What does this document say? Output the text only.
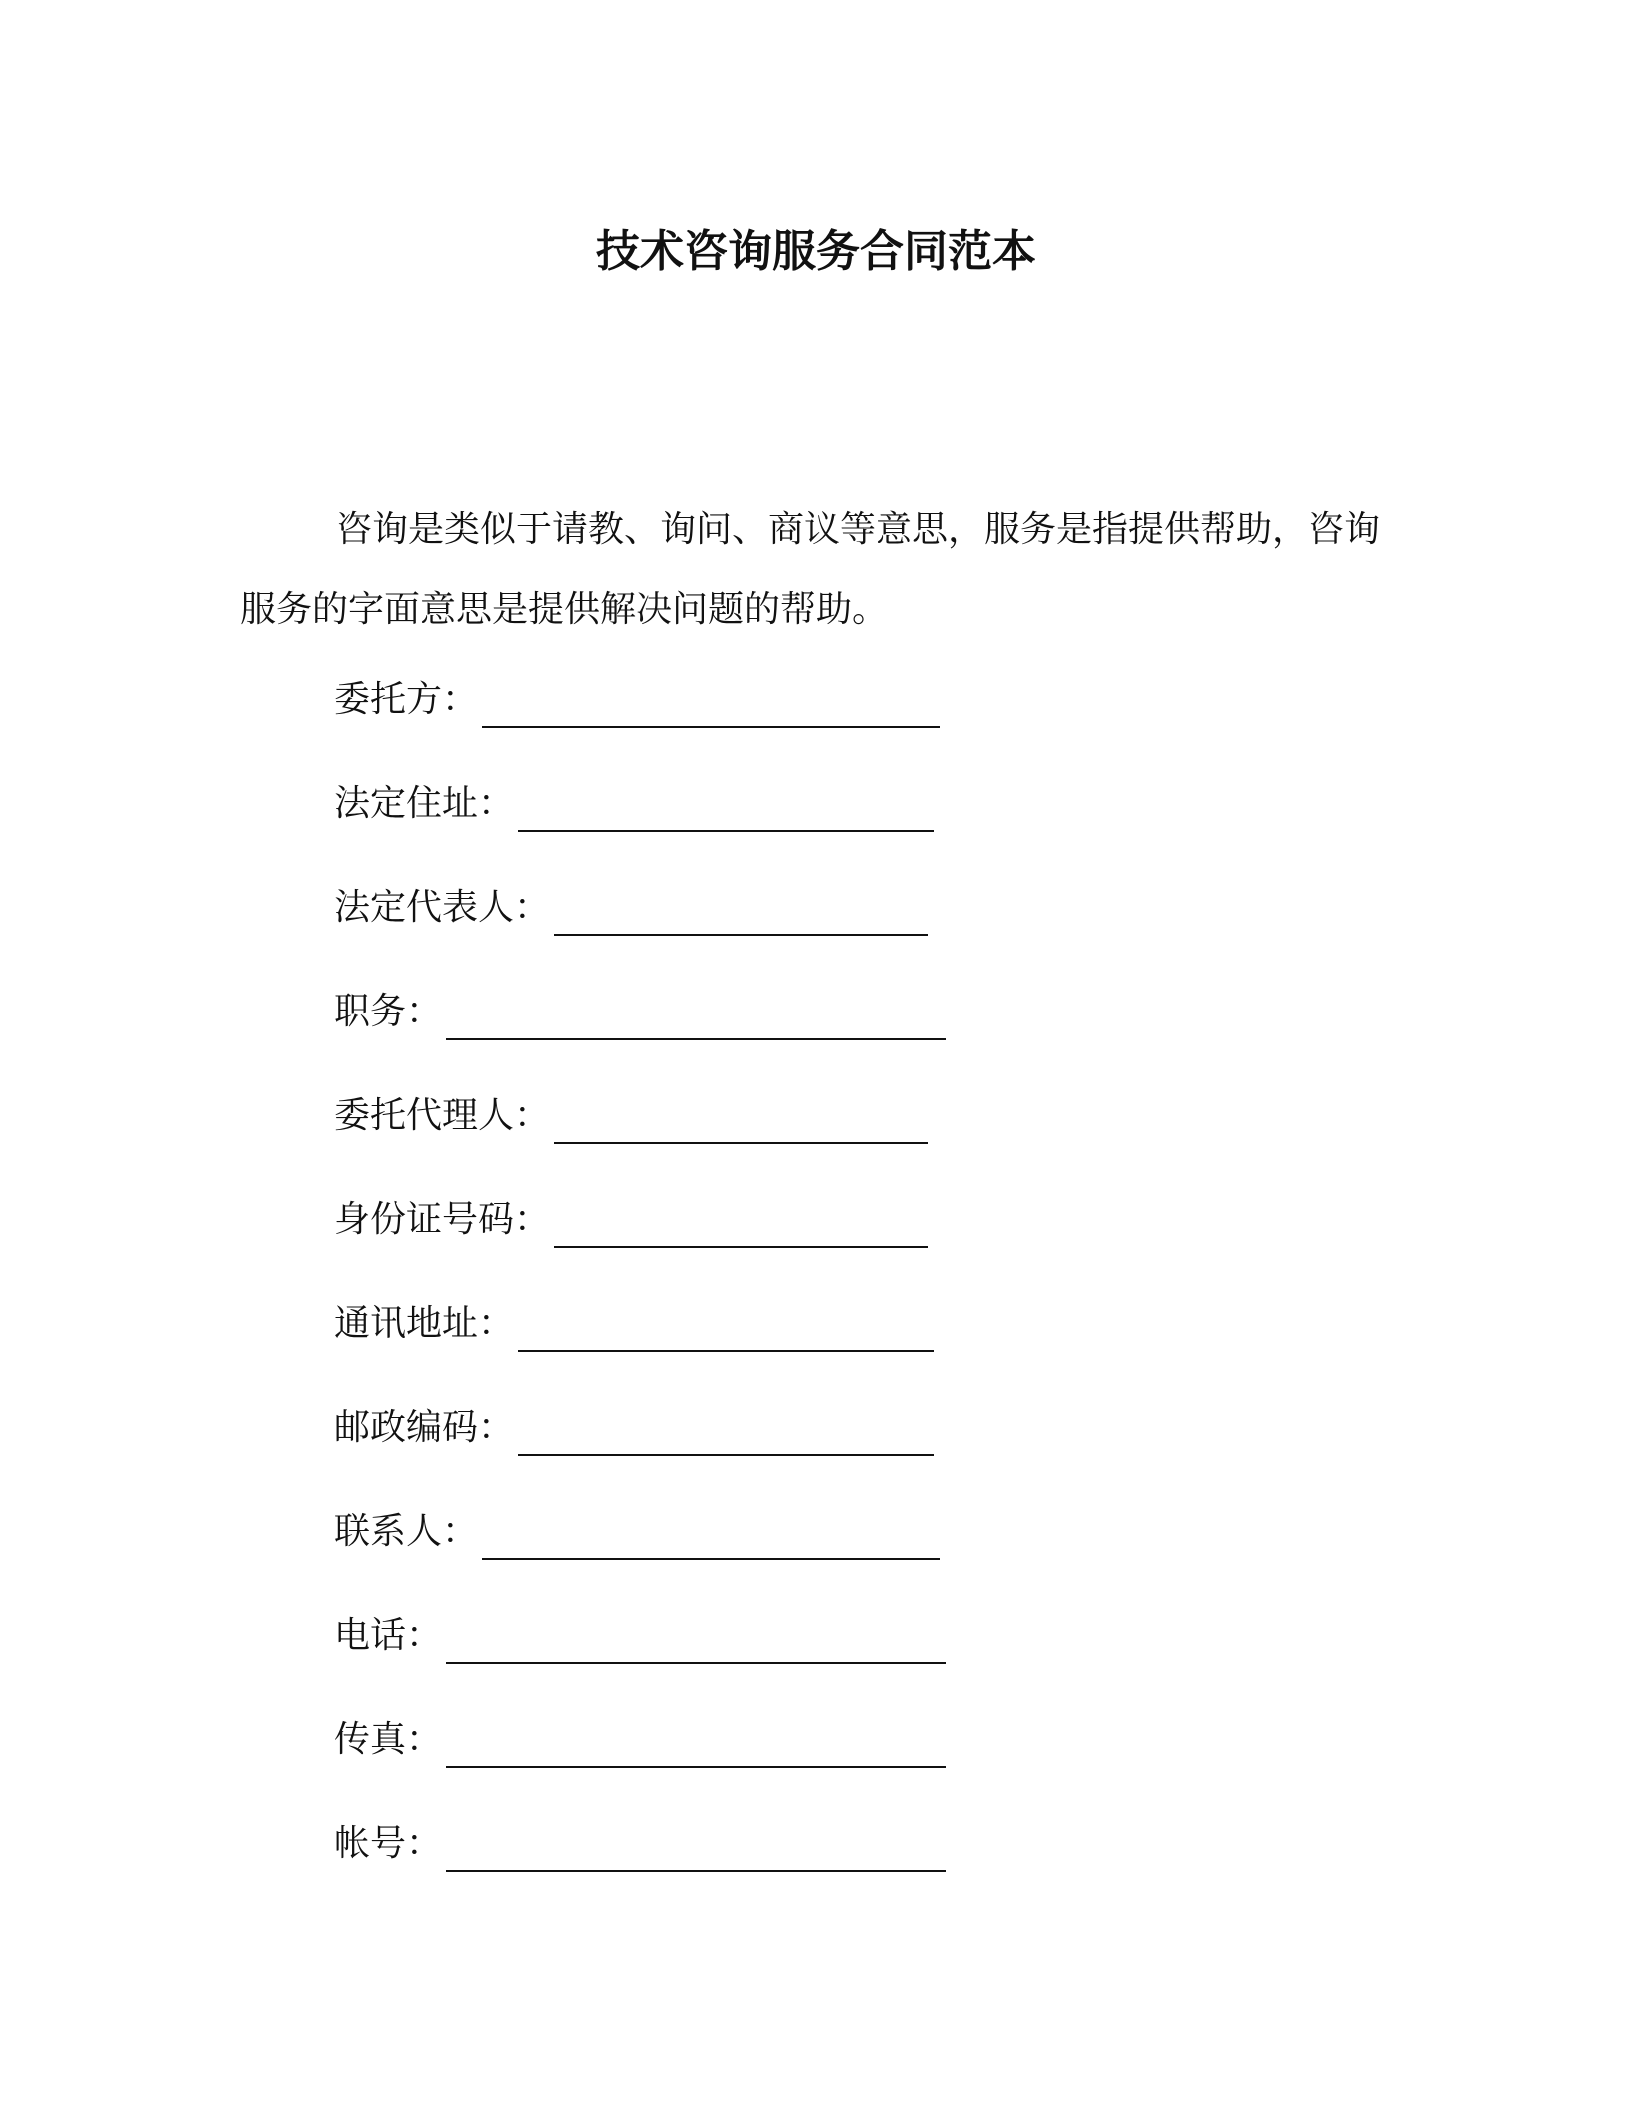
技术咨询服务合同范本
咨询是类似于请教、询问、商议等意思，服务是指提供帮助，咨询服务的字面意思是提供解决问题的帮助。
委托方：
法定住址：
法定代表人：
职务：
委托代理人：
身份证号码：
通讯地址：
邮政编码：
联系人：
电话：
传真：
帐号：
